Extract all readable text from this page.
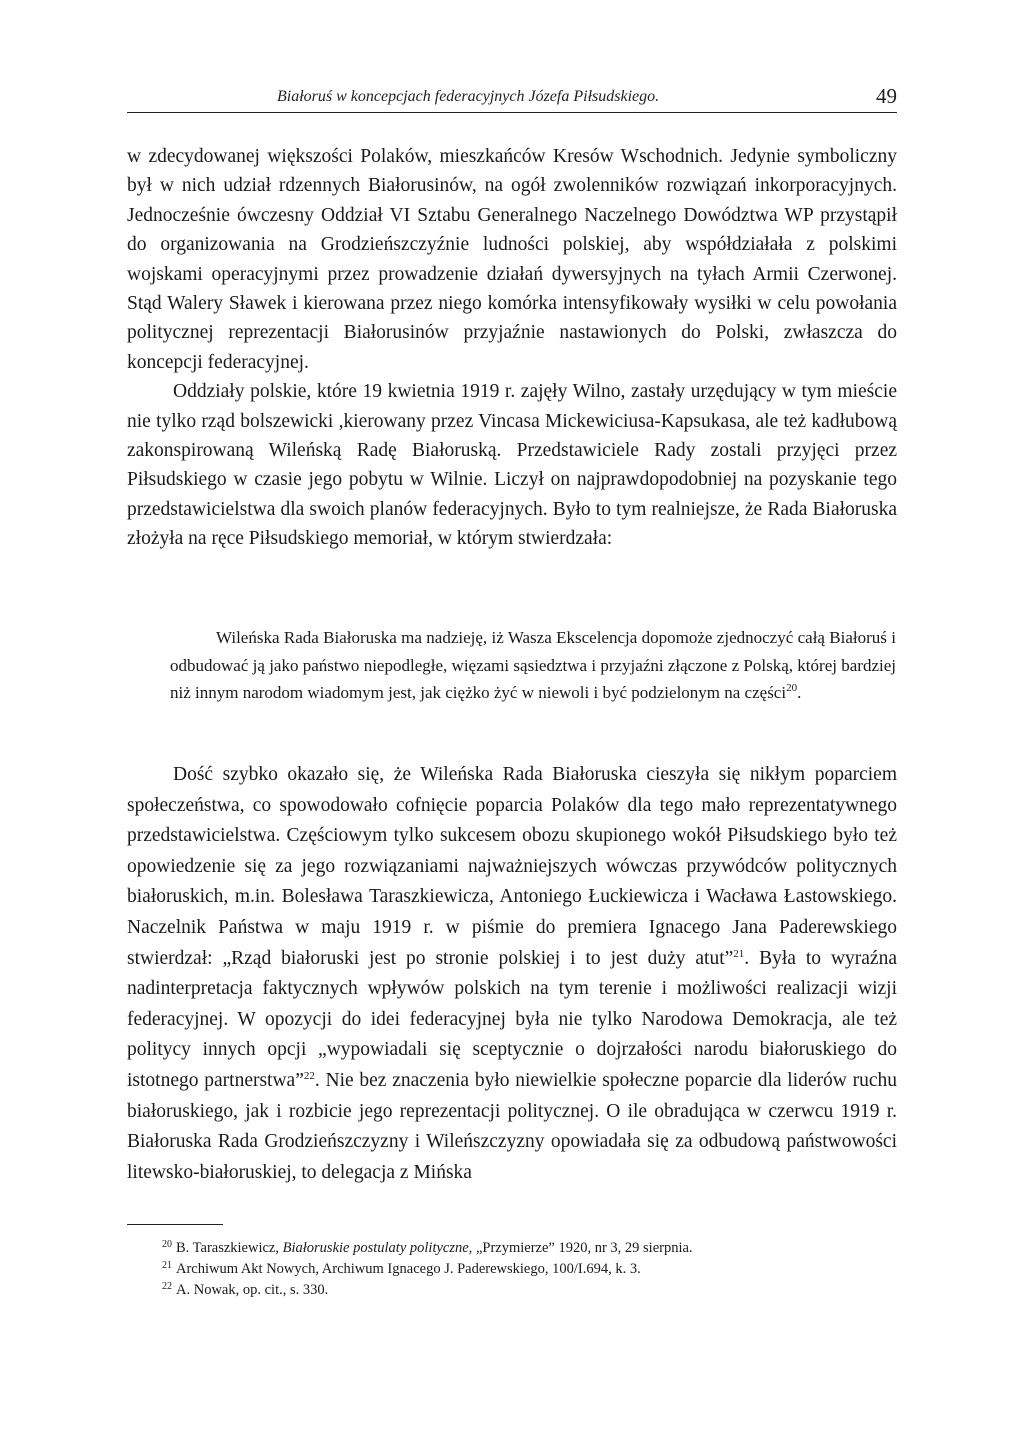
Białoruś w koncepcjach federacyjnych Józefa Piłsudskiego.	49

w zdecydowanej większości Polaków, mieszkańców Kresów Wschodnich. Jedynie symboliczny był w nich udział rdzennych Białorusinów, na ogół zwolenników rozwiązań inkorporacyjnych. Jednocześnie ówczesny Oddział VI Sztabu Generalnego Naczelnego Dowództwa WP przystąpił do organizowania na Grodzieńszczyźnie ludności polskiej, aby współdziałała z polskimi wojskami operacyjnymi przez prowadzenie działań dywersyjnych na tyłach Armii Czerwonej. Stąd Walery Sławek i kierowana przez niego komórka intensyfikowały wysiłki w celu powołania politycznej reprezentacji Białorusinów przyjaźnie nastawionych do Polski, zwłaszcza do koncepcji federacyjnej.

Oddziały polskie, które 19 kwietnia 1919 r. zajęły Wilno, zastały urzędujący w tym mieście nie tylko rząd bolszewicki ,kierowany przez Vincasa Mickewiciusa-Kapsukasa, ale też kadłubową zakonspirowaną Wileńską Radę Białoruską. Przedstawiciele Rady zostali przyjęci przez Piłsudskiego w czasie jego pobytu w Wilnie. Liczył on najprawdopodobniej na pozyskanie tego przedstawicielstwa dla swoich planów federacyjnych. Było to tym realniejsze, że Rada Białoruska złożyła na ręce Piłsudskiego memoriał, w którym stwierdzała:

Wileńska Rada Białoruska ma nadzieję, iż Wasza Ekscelencja dopomoże zjednoczyć całą Białoruś i odbudować ją jako państwo niepodległe, więzami sąsiedztwa i przyjaźni złączone z Polską, której bardziej niż innym narodom wiadomym jest, jak ciężko żyć w niewoli i być podzielonym na części$^{20}$.

Dość szybko okazało się, że Wileńska Rada Białoruska cieszyła się nikłym poparciem społeczeństwa, co spowodowało cofnięcie poparcia Polaków dla tego mało reprezentatywnego przedstawicielstwa. Częściowym tylko sukcesem obozu skupionego wokół Piłsudskiego było też opowiedzenie się za jego rozwiązaniami najważniejszych wówczas przywódców politycznych białoruskich, m.in. Bolesława Taraszkiewicza, Antoniego Łuckiewicza i Wacława Łastowskiego. Naczelnik Państwa w maju 1919 r. w piśmie do premiera Ignacego Jana Paderewskiego stwierdzał: „Rząd białoruski jest po stronie polskiej i to jest duży atut”$^{21}$. Była to wyraźna nadinterpretacja faktycznych wpływów polskich na tym terenie i możliwości realizacji wizji federacyjnej. W opozycji do idei federacyjnej była nie tylko Narodowa Demokracja, ale też politycy innych opcji „wypowiadali się sceptycznie o dojrzałości narodu białoruskiego do istotnego partnerstwa”$^{22}$. Nie bez znaczenia było niewielkie społeczne poparcie dla liderów ruchu białoruskiego, jak i rozbicie jego reprezentacji politycznej. O ile obradująca w czerwcu 1919 r. Białoruska Rada Grodzieńszczyzny i Wileńszczyzny opowiadała się za odbudową państwowości litewsko-białoruskiej, to delegacja z Mińska

$^{20}$ B. Taraszkiewicz, Białoruskie postulaty polityczne, „Przymierze” 1920, nr 3, 29 sierpnia.
$^{21}$ Archiwum Akt Nowych, Archiwum Ignacego J. Paderewskiego, 100/I.694, k. 3.
$^{22}$ A. Nowak, op. cit., s. 330.
